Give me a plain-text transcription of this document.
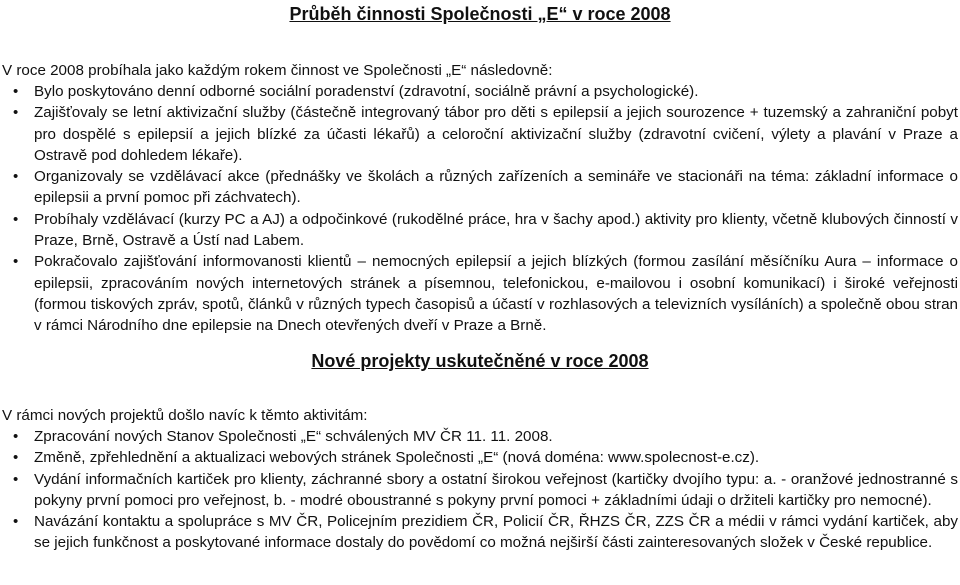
Průběh činnosti Společnosti „E“ v roce 2008

V roce 2008 probíhala jako každým rokem činnost ve Společnosti „E“ následovně:

• Bylo poskytováno denní odborné sociální poradenství (zdravotní, sociálně právní a psychologické).
• Zajišťovaly se letní aktivizační služby (částečně integrovaný tábor pro děti s epilepsií a jejich sourozence + tuzemský a zahraniční pobyt pro dospělé s epilepsií a jejich blízké za účasti lékařů) a celoroční aktivizační služby (zdravotní cvičení, výlety a plavání v Praze a Ostravě pod dohledem lékaře).
• Organizovaly se vzdělávací akce (přednášky ve školách a různých zařízeních a semináře ve stacionáři na téma: základní informace o epilepsii a první pomoc při záchvatech).
• Probíhaly vzdělávací (kurzy PC a AJ) a odpočinkové (rukodělné práce, hra v šachy apod.) aktivity pro klienty, včetně klubových činností v Praze, Brně, Ostravě a Ústí nad Labem.
• Pokračovalo zajišťování informovanosti klientů – nemocných epilepsií a jejich blízkých (formou zasílání měsíčníku Aura – informace o epilepsii, zpracováním nových internetových stránek a písemnou, telefonickou, e-mailovou i osobní komunikací) i široké veřejnosti (formou tiskových zpráv, spotů, článků v různých typech časopisů a účastí v rozhlasových a televizních vysíláních) a společně obou stran v rámci Národního dne epilepsie na Dnech otevřených dveří v Praze a Brně.
Nové projekty uskutečněné v roce 2008

V rámci nových projektů došlo navíc k těmto aktivitám:

• Zpracování nových Stanov Společnosti „E“ schválených MV ČR 11. 11. 2008.
• Změně, zpřehlednění a aktualizaci webových stránek Společnosti „E“ (nová doména: www.spolecnost-e.cz).
• Vydání informačních kartiček pro klienty, záchranné sbory a ostatní širokou veřejnost (kartičky dvojího typu: a. - oranžové jednostranné s pokyny první pomoci pro veřejnost, b. - modré oboustranné s pokyny první pomoci + základními údaji o držiteli kartičky pro nemocné).
• Navázání kontaktu a spolupráce s MV ČR, Policejním prezidiem ČR, Policií ČR, ŘHZS ČR, ZZS ČR a médii v rámci vydání kartiček, aby se jejich funkčnost a poskytované informace dostaly do povědomí co možná nejširší části zainteresovaných složek v České republice.
